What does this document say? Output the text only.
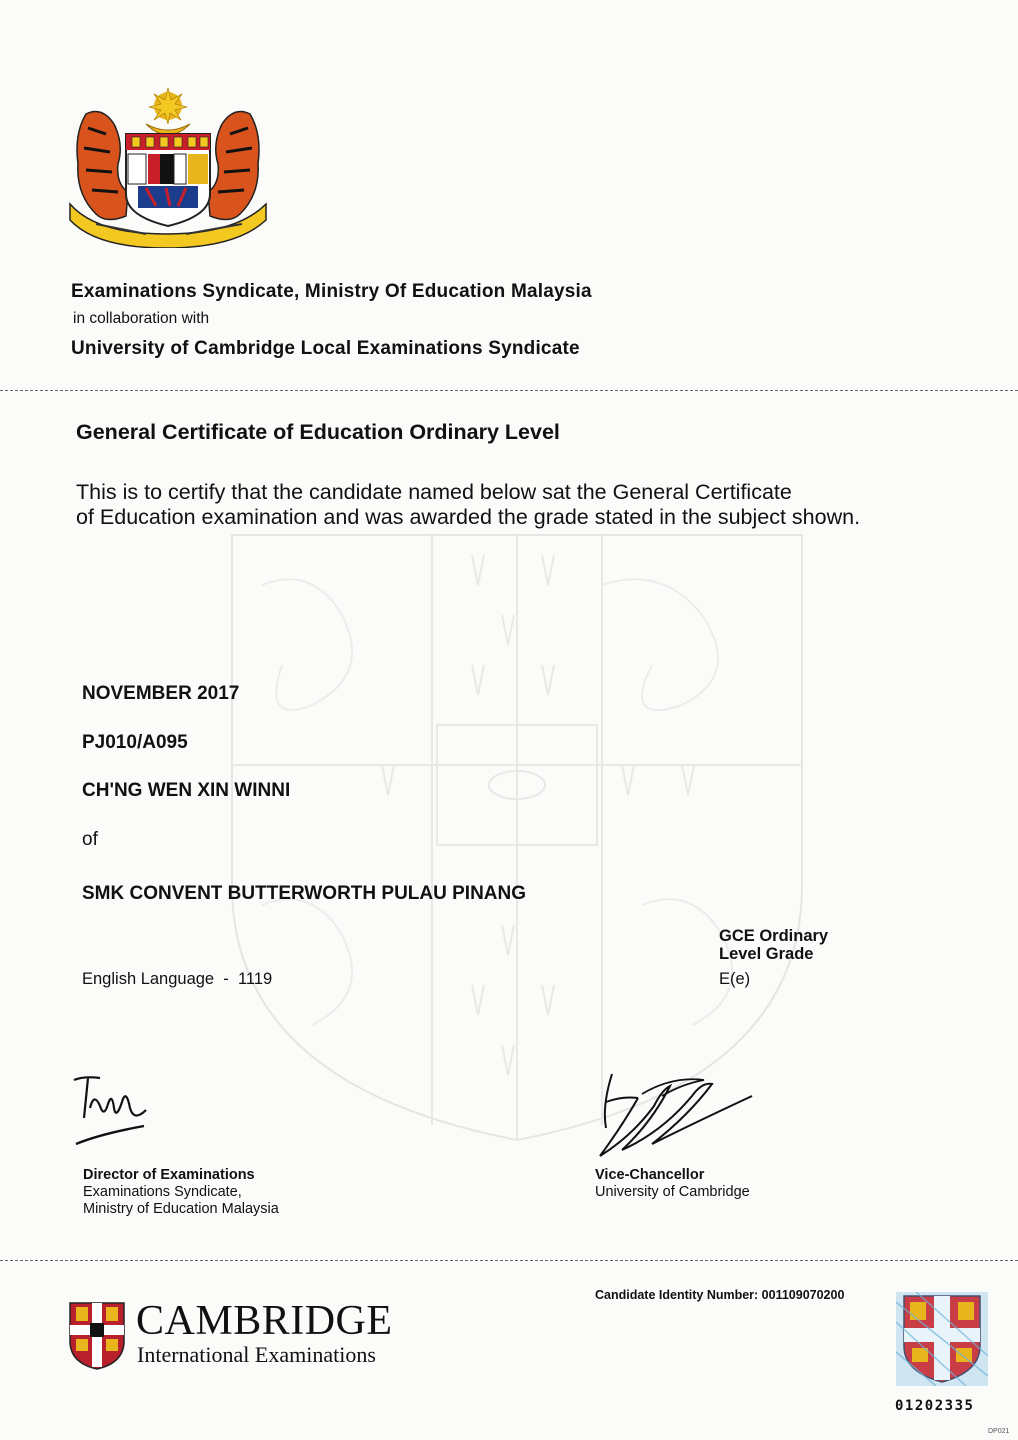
Examinations Syndicate, Ministry Of Education Malaysia
in collaboration with
University of Cambridge Local Examinations Syndicate
General Certificate of Education Ordinary Level
This is to certify that the candidate named below sat the General Certificate
of Education examination and was awarded the grade stated in the subject shown.
NOVEMBER 2017
PJ010/A095
CH'NG WEN XIN WINNI
of
SMK CONVENT BUTTERWORTH PULAU PINANG
GCE Ordinary
Level Grade
English Language  -  1119	E(e)
Director of Examinations
Examinations Syndicate,
Ministry of Education Malaysia
Vice-Chancellor
University of Cambridge
CAMBRIDGE
International Examinations
Candidate Identity Number: 001109070200
01202335
DP021
